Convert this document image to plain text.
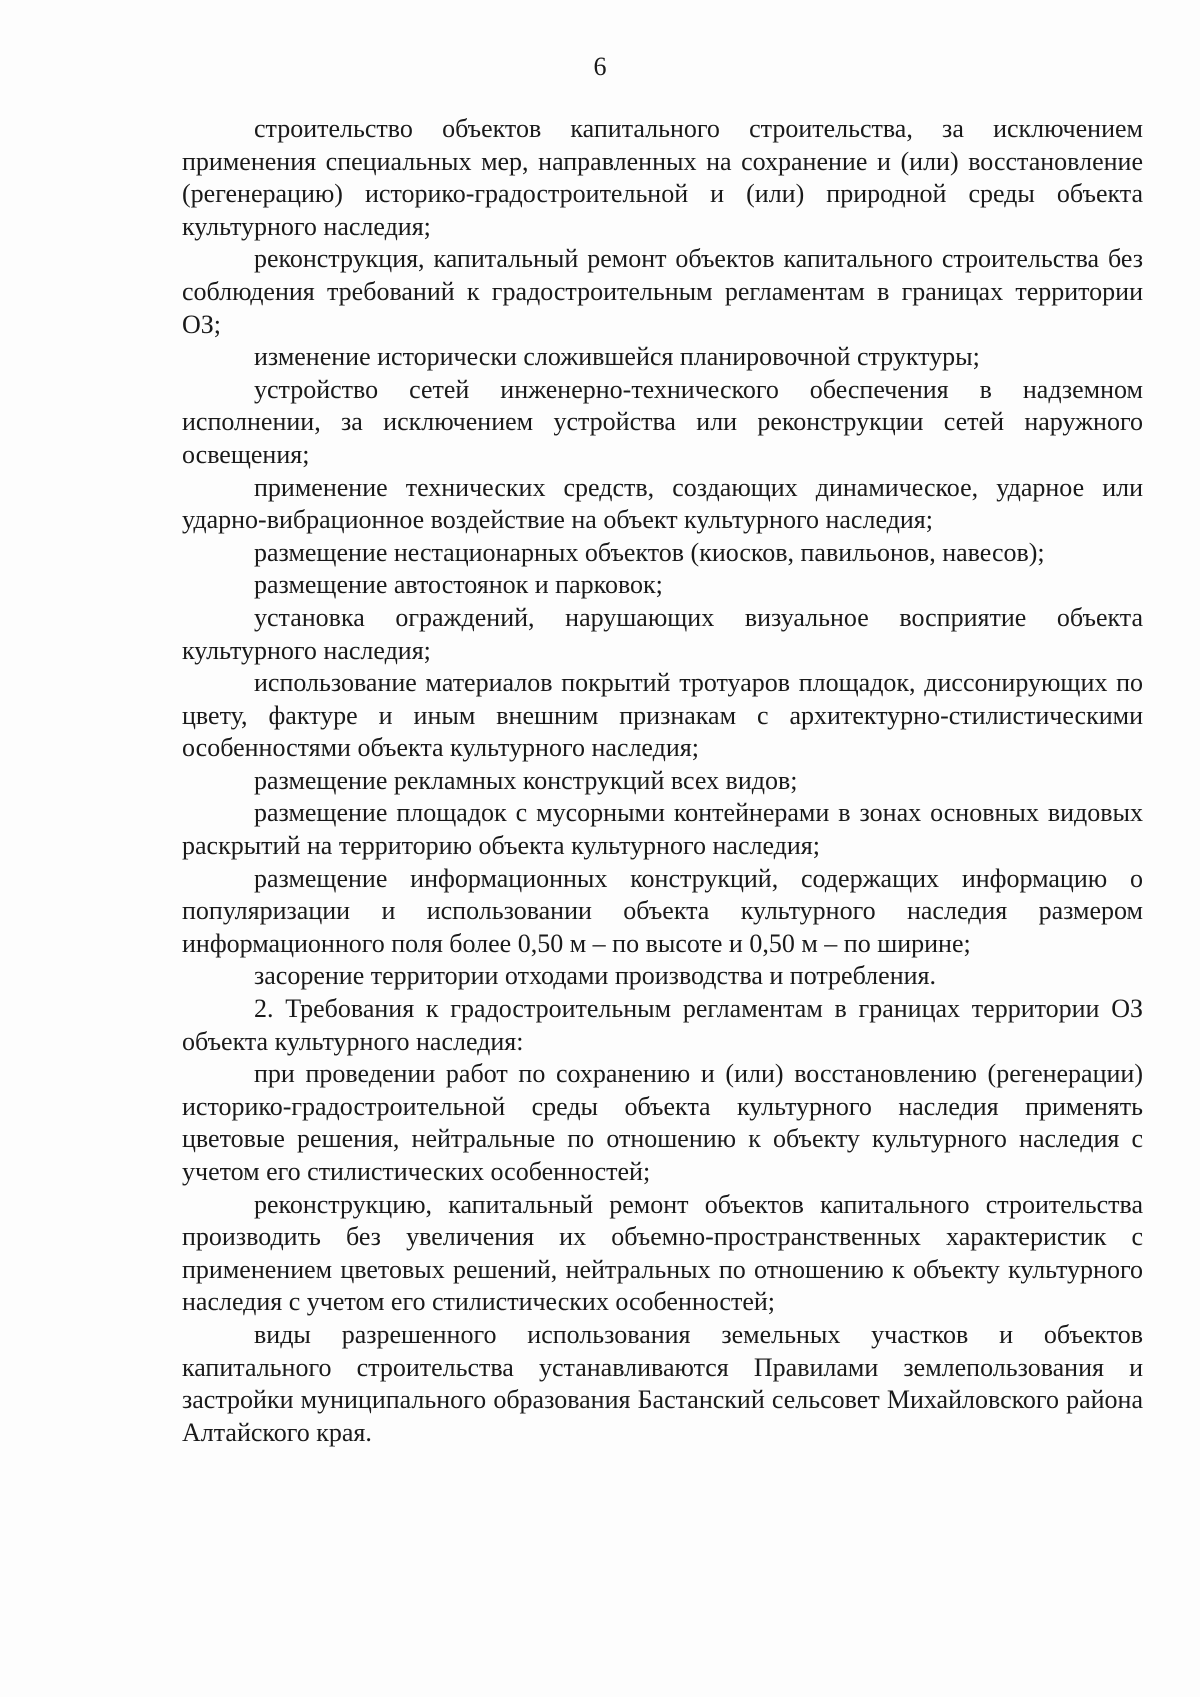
6

строительство объектов капитального строительства, за исключением применения специальных мер, направленных на сохранение и (или) восстановление (регенерацию) историко-градостроительной и (или) природной среды объекта культурного наследия;

реконструкция, капитальный ремонт объектов капитального строительства без соблюдения требований к градостроительным регламентам в границах территории ОЗ;

изменение исторически сложившейся планировочной структуры;

устройство сетей инженерно-технического обеспечения в надземном исполнении, за исключением устройства или реконструкции сетей наружного освещения;

применение технических средств, создающих динамическое, ударное или ударно-вибрационное воздействие на объект культурного наследия;

размещение нестационарных объектов (киосков, павильонов, навесов);

размещение автостоянок и парковок;

установка ограждений, нарушающих визуальное восприятие объекта культурного наследия;

использование материалов покрытий тротуаров площадок, диссонирующих по цвету, фактуре и иным внешним признакам с архитектурно-стилистическими особенностями объекта культурного наследия;

размещение рекламных конструкций всех видов;

размещение площадок с мусорными контейнерами в зонах основных видовых раскрытий на территорию объекта культурного наследия;

размещение информационных конструкций, содержащих информацию о популяризации и использовании объекта культурного наследия размером информационного поля более 0,50 м – по высоте и 0,50 м – по ширине;

засорение территории отходами производства и потребления.

2. Требования к градостроительным регламентам в границах территории ОЗ объекта культурного наследия:

при проведении работ по сохранению и (или) восстановлению (регенерации) историко-градостроительной среды объекта культурного наследия применять цветовые решения, нейтральные по отношению к объекту культурного наследия с учетом его стилистических особенностей;

реконструкцию, капитальный ремонт объектов капитального строительства производить без увеличения их объемно-пространственных характеристик с применением цветовых решений, нейтральных по отношению к объекту культурного наследия с учетом его стилистических особенностей;

виды разрешенного использования земельных участков и объектов капитального строительства устанавливаются Правилами землепользования и застройки муниципального образования Бастанский сельсовет Михайловского района Алтайского края.
